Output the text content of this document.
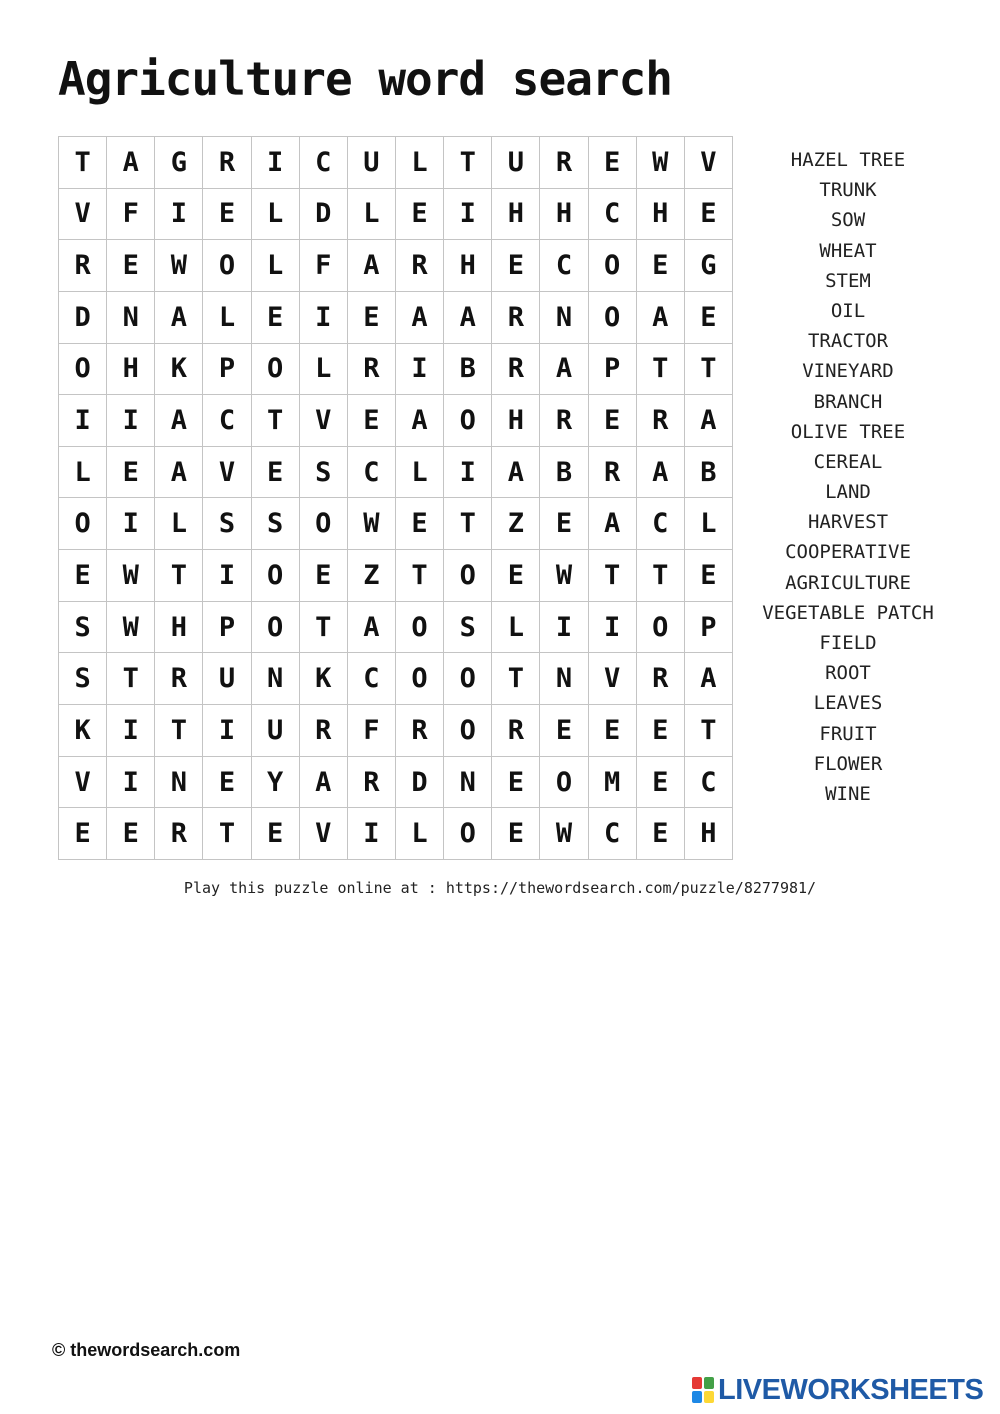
Agriculture word search
T	A	G	R	I	C	U	L	T	U	R	E	W	V
V	F	I	E	L	D	L	E	I	H	H	C	H	E
R	E	W	O	L	F	A	R	H	E	C	O	E	G
D	N	A	L	E	I	E	A	A	R	N	O	A	E
O	H	K	P	O	L	R	I	B	R	A	P	T	T
I	I	A	C	T	V	E	A	O	H	R	E	R	A
L	E	A	V	E	S	C	L	I	A	B	R	A	B
O	I	L	S	S	O	W	E	T	Z	E	A	C	L
E	W	T	I	O	E	Z	T	O	E	W	T	T	E
S	W	H	P	O	T	A	O	S	L	I	I	O	P
S	T	R	U	N	K	C	O	O	T	N	V	R	A
K	I	T	I	U	R	F	R	O	R	E	E	E	T
V	I	N	E	Y	A	R	D	N	E	O	M	E	C
E	E	R	T	E	V	I	L	O	E	W	C	E	H
HAZEL TREE
TRUNK
SOW
WHEAT
STEM
OIL
TRACTOR
VINEYARD
BRANCH
OLIVE TREE
CEREAL
LAND
HARVEST
COOPERATIVE
AGRICULTURE
VEGETABLE PATCH
FIELD
ROOT
LEAVES
FRUIT
FLOWER
WINE
Play this puzzle online at : https://thewordsearch.com/puzzle/8277981/
© thewordsearch.com
LIVEWORKSHEETS
